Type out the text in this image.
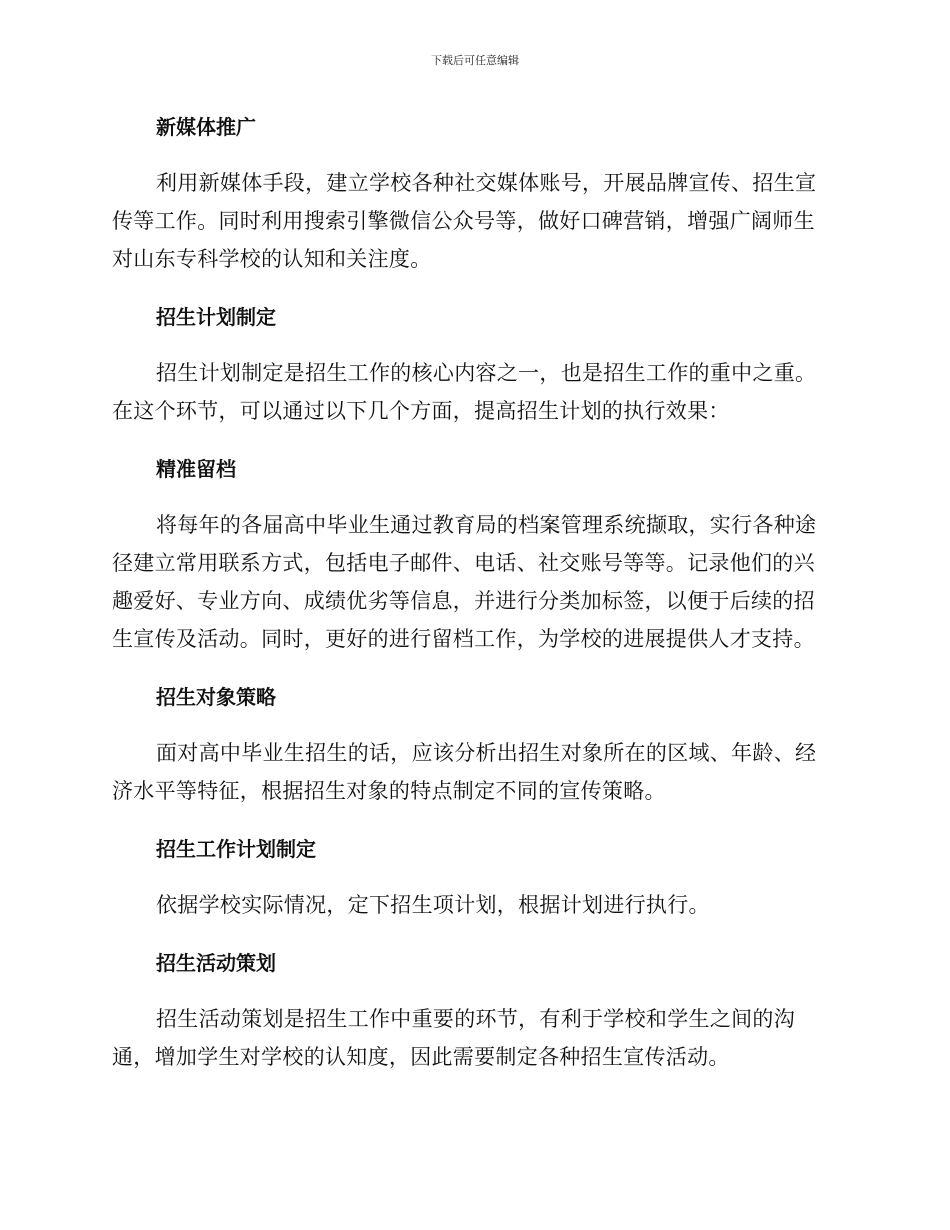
下载后可任意编辑
新媒体推广

利用新媒体手段，建立学校各种社交媒体账号，开展品牌宣传、招生宣传等工作。同时利用搜索引擎微信公众号等，做好口碑营销，增强广阔师生对山东专科学校的认知和关注度。

招生计划制定

招生计划制定是招生工作的核心内容之一，也是招生工作的重中之重。在这个环节，可以通过以下几个方面，提高招生计划的执行效果：

精准留档

将每年的各届高中毕业生通过教育局的档案管理系统撷取，实行各种途径建立常用联系方式，包括电子邮件、电话、社交账号等等。记录他们的兴趣爱好、专业方向、成绩优劣等信息，并进行分类加标签，以便于后续的招生宣传及活动。同时，更好的进行留档工作，为学校的进展提供人才支持。

招生对象策略

面对高中毕业生招生的话，应该分析出招生对象所在的区域、年龄、经济水平等特征，根据招生对象的特点制定不同的宣传策略。

招生工作计划制定

依据学校实际情况，定下招生项计划，根据计划进行执行。

招生活动策划

招生活动策划是招生工作中重要的环节，有利于学校和学生之间的沟通，增加学生对学校的认知度，因此需要制定各种招生宣传活动。
